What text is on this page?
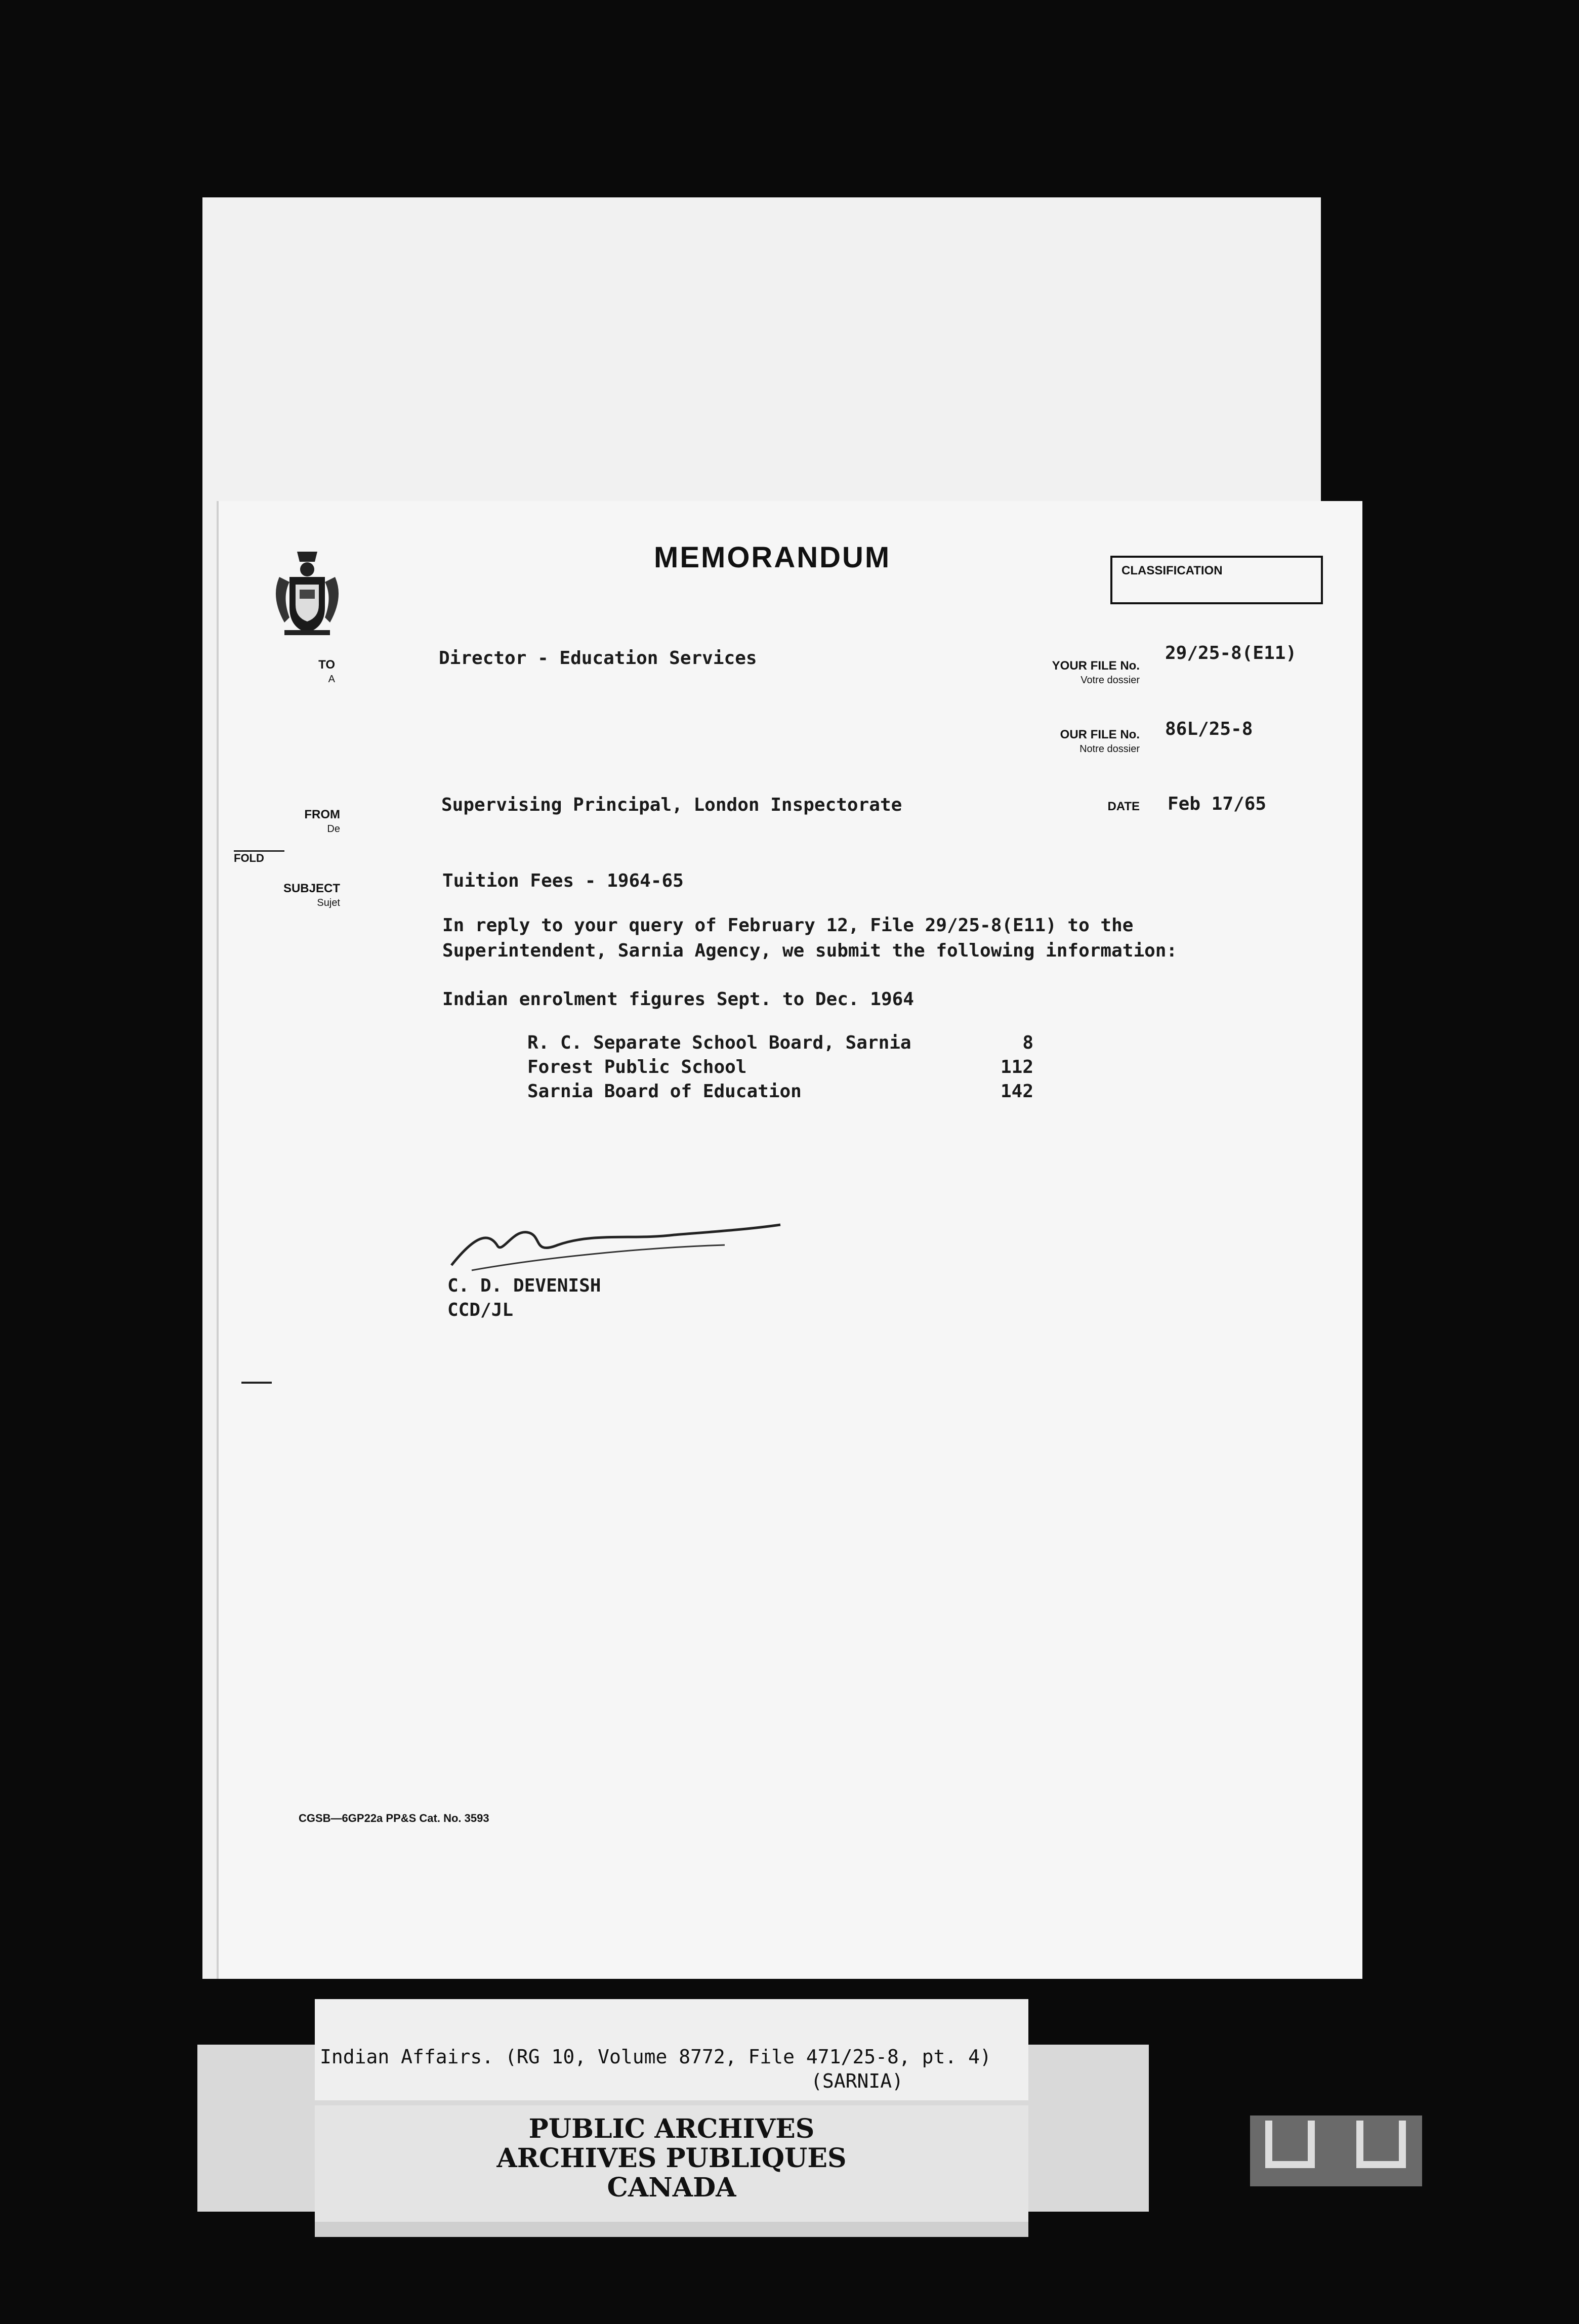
MEMORANDUM	CLASSIFICATION
TO
A
Director - Education Services	YOUR FILE No.
Votre dossier
29/25-8(E11)
OUR FILE No.
Notre dossier
86L/25-8
FROM
De
Supervising Principal, London Inspectorate	DATE Feb 17/65
FOLD
SUBJECT
Sujet
Tuition Fees - 1964-65
In reply to your query of February 12, File 29/25-8(E11) to the
Superintendent, Sarnia Agency, we submit the following information:
Indian enrolment figures Sept. to Dec. 1964
R. C. Separate School Board, Sarnia	8
Forest Public School	112
Sarnia Board of Education	142
C. D. DEVENISH
CCD/JL
CGSB—6GP22a PP&S Cat. No. 3593
Indian Affairs. (RG 10, Volume 8772, File 471/25-8, pt. 4)
(SARNIA)
PUBLIC ARCHIVES
ARCHIVES PUBLIQUES
CANADA
